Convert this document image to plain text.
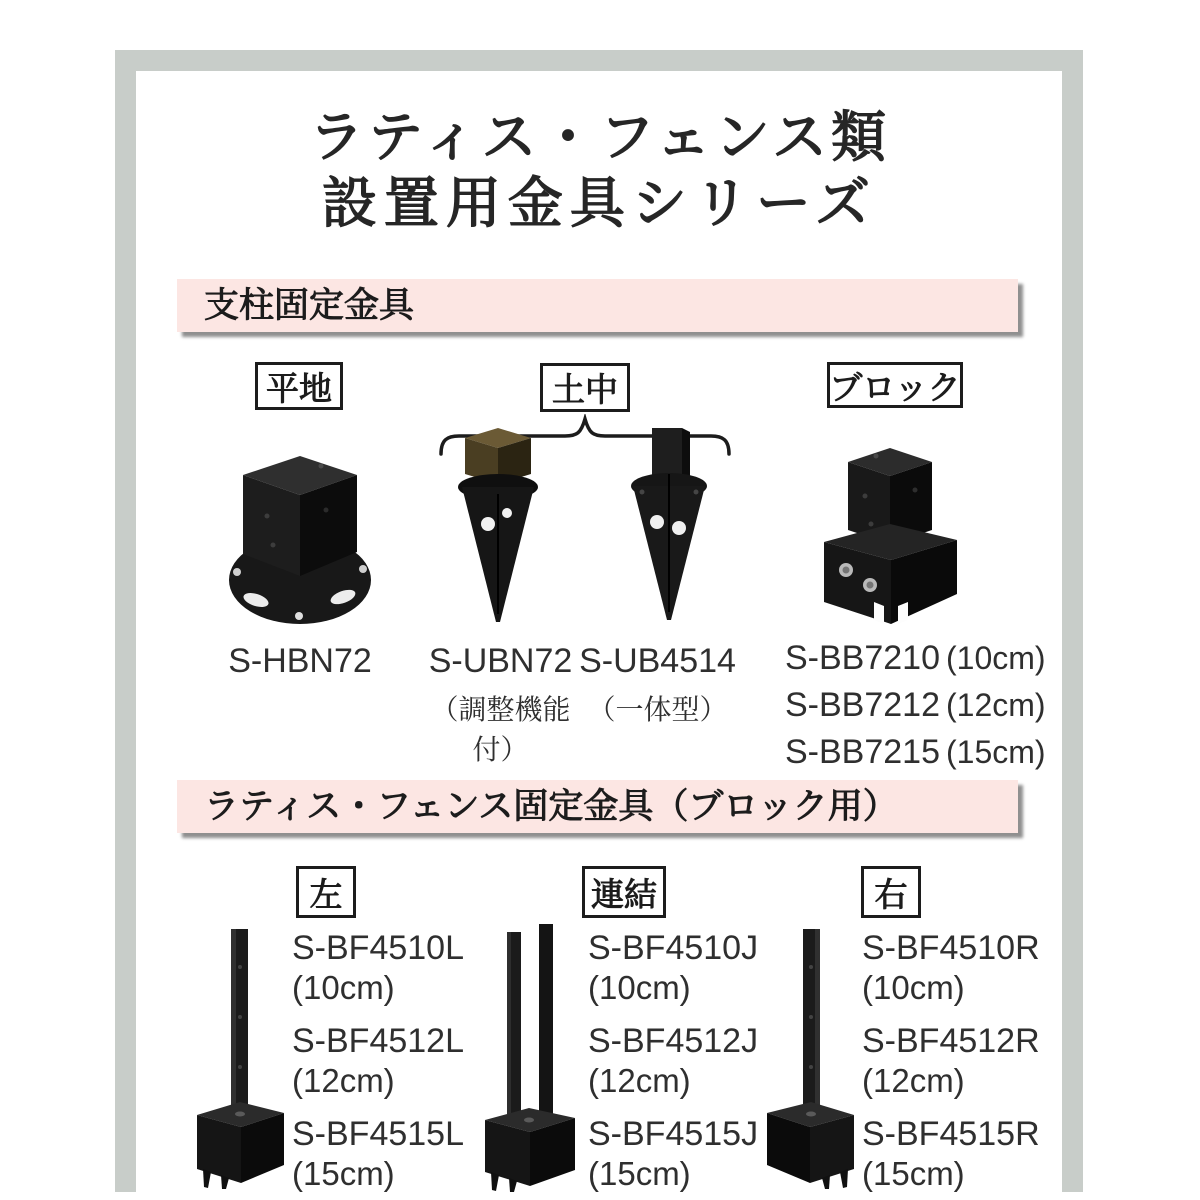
ラティス・フェンス類
設置用金具シリーズ
支柱固定金具
平地	土中	ブロック
S-HBN72	S-UBN72
（調整機能付）
S-UB4514
（一体型）
S-BB7210 (10cm)
S-BB7212 (12cm)
S-BB7215 (15cm)
ラティス・フェンス固定金具（ブロック用）
左	連結	右
S-BF4510L
(10cm)
S-BF4512L
(12cm)
S-BF4515L
(15cm)
S-BF4510J
(10cm)
S-BF4512J
(12cm)
S-BF4515J
(15cm)
S-BF4510R
(10cm)
S-BF4512R
(12cm)
S-BF4515R
(15cm)
